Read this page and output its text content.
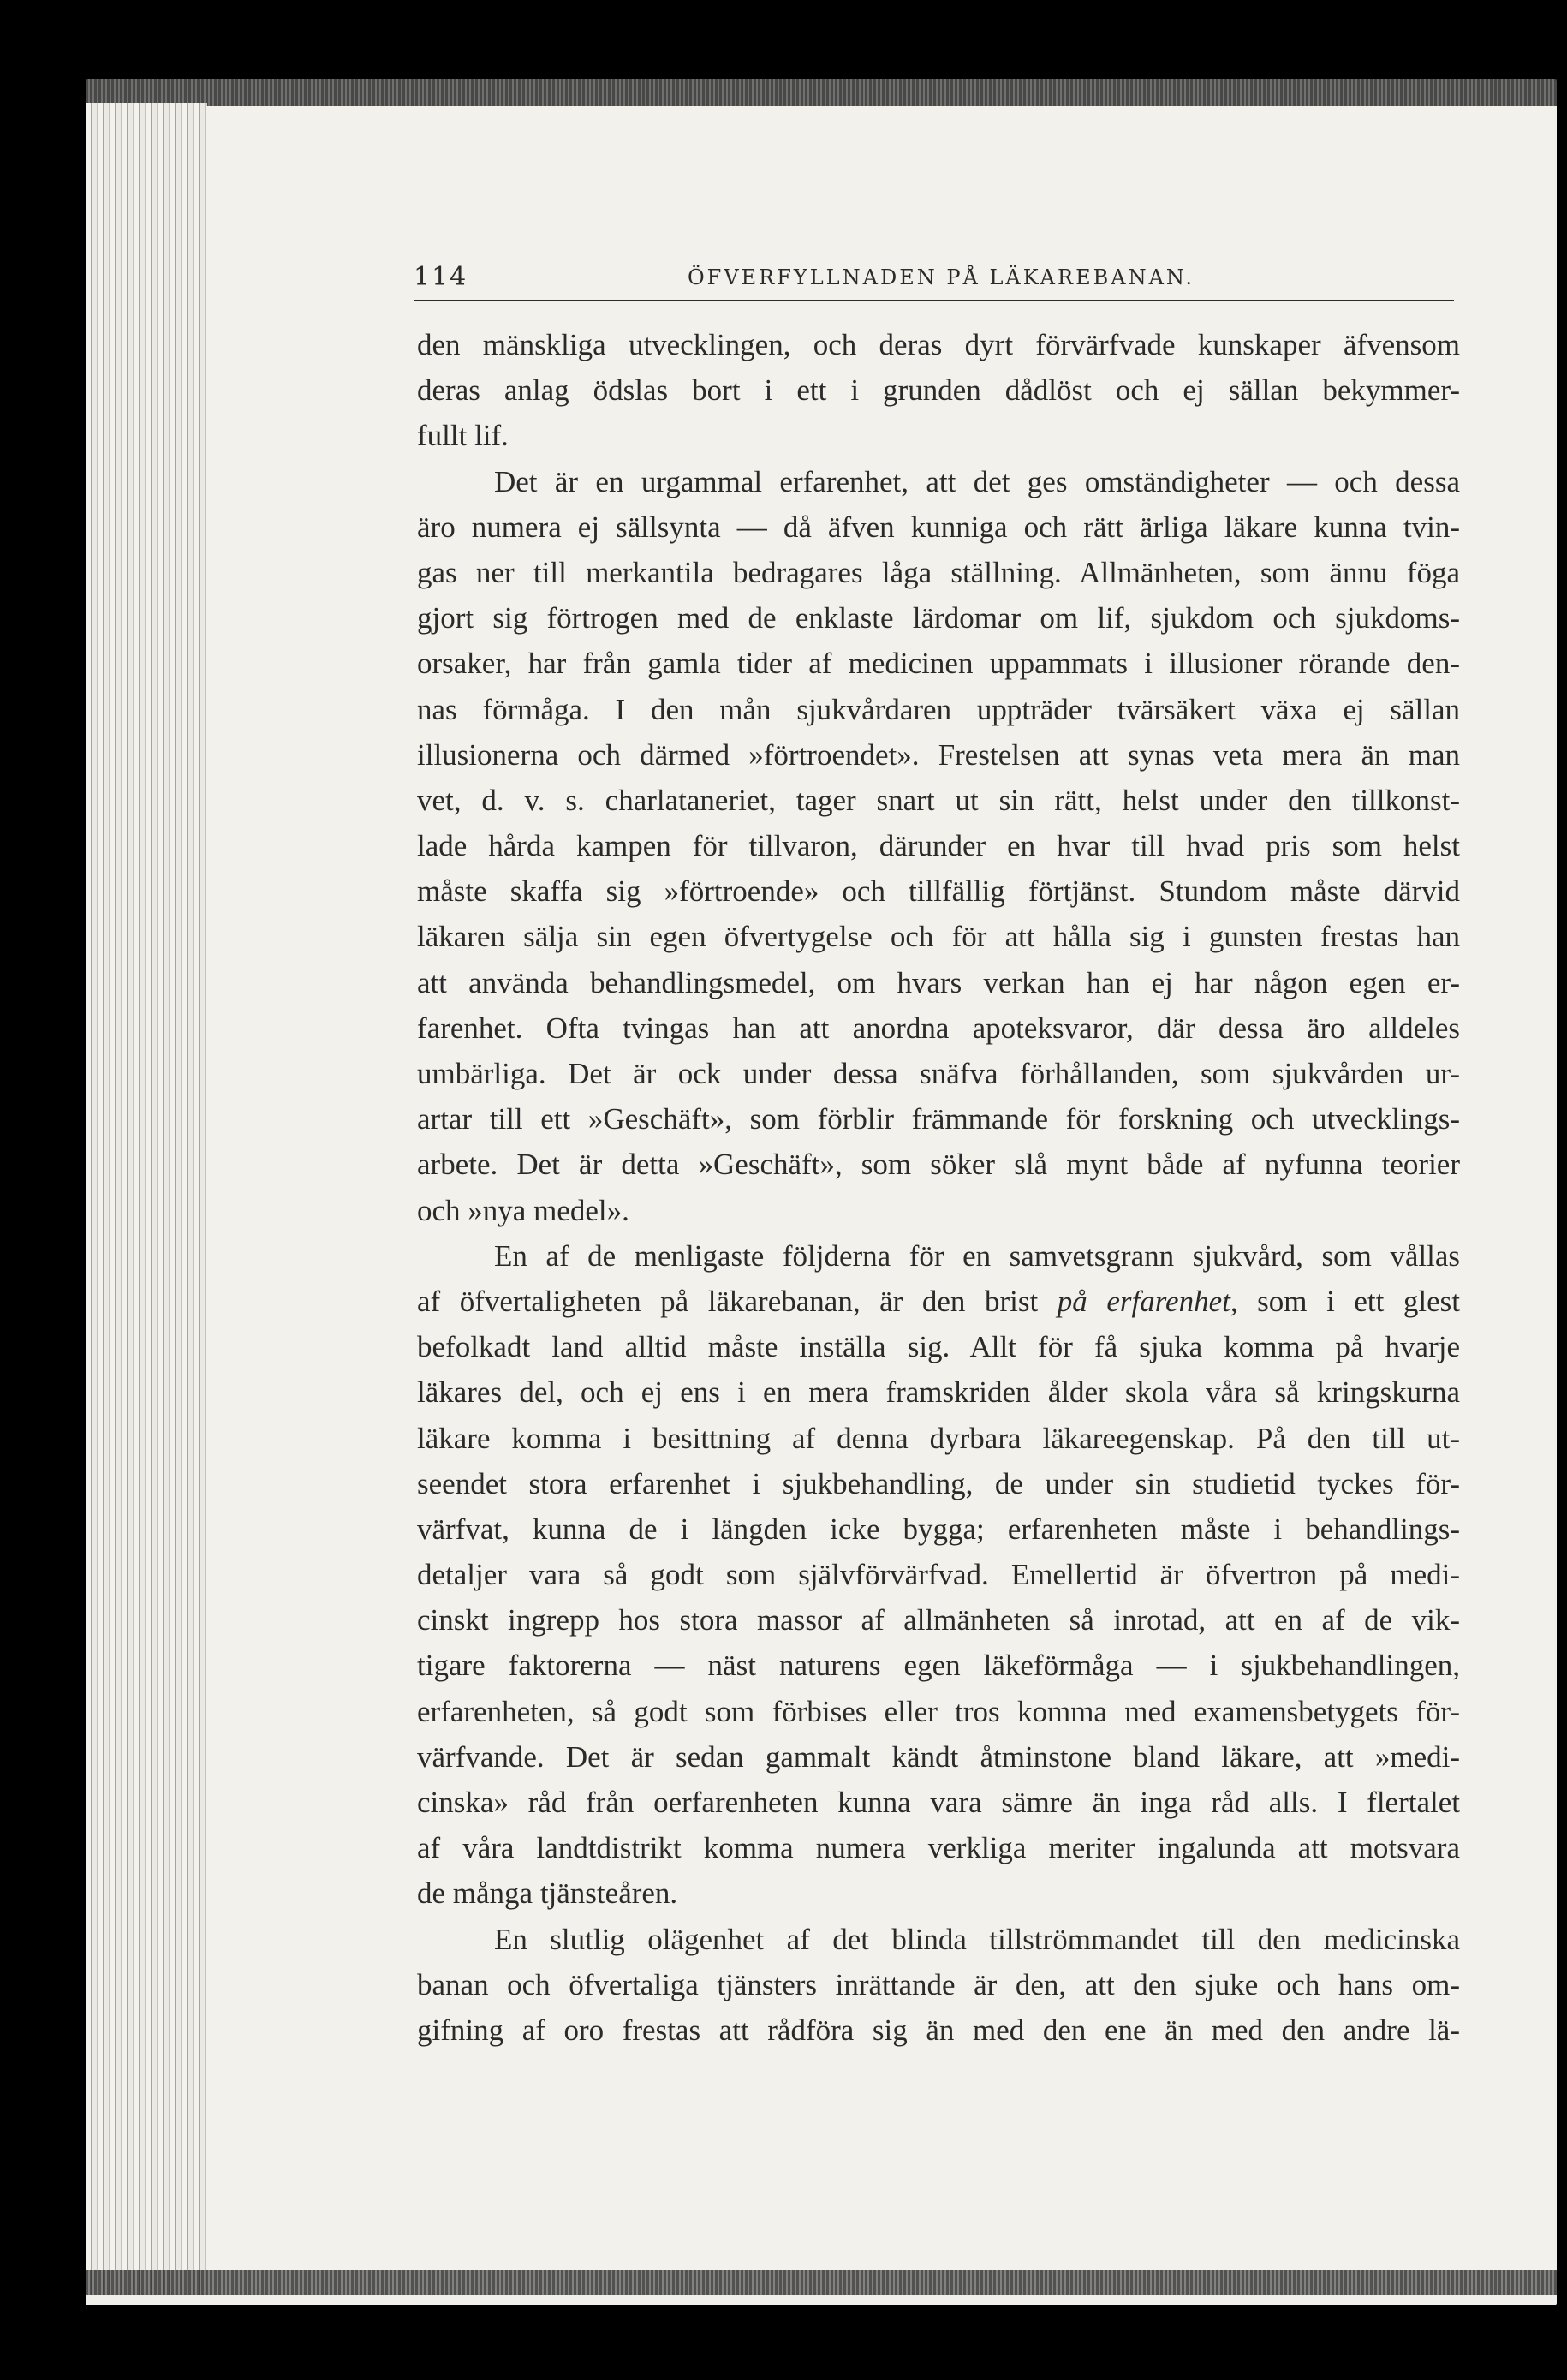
114	ÖFVERFYLLNADEN PÅ LÄKAREBANAN.
den mänskliga utvecklingen, och deras dyrt förvärfvade kunskaper äfvensom
deras anlag ödslas bort i ett i grunden dådlöst och ej sällan bekymmer-
fullt lif.
Det är en urgammal erfarenhet, att det ges omständigheter — och dessa
äro numera ej sällsynta — då äfven kunniga och rätt ärliga läkare kunna tvin-
gas ner till merkantila bedragares låga ställning. Allmänheten, som ännu föga
gjort sig förtrogen med de enklaste lärdomar om lif, sjukdom och sjukdoms-
orsaker, har från gamla tider af medicinen uppammats i illusioner rörande den-
nas förmåga. I den mån sjukvårdaren uppträder tvärsäkert växa ej sällan
illusionerna och därmed »förtroendet». Frestelsen att synas veta mera än man
vet, d. v. s. charlataneriet, tager snart ut sin rätt, helst under den tillkonst-
lade hårda kampen för tillvaron, därunder en hvar till hvad pris som helst
måste skaffa sig »förtroende» och tillfällig förtjänst. Stundom måste därvid
läkaren sälja sin egen öfvertygelse och för att hålla sig i gunsten frestas han
att använda behandlingsmedel, om hvars verkan han ej har någon egen er-
farenhet. Ofta tvingas han att anordna apoteksvaror, där dessa äro alldeles
umbärliga. Det är ock under dessa snäfva förhållanden, som sjukvården ur-
artar till ett »Geschäft», som förblir främmande för forskning och utvecklings-
arbete. Det är detta »Geschäft», som söker slå mynt både af nyfunna teorier
och »nya medel».
En af de menligaste följderna för en samvetsgrann sjukvård, som vållas
af öfvertaligheten på läkarebanan, är den brist på erfarenhet, som i ett glest
befolkadt land alltid måste inställa sig. Allt för få sjuka komma på hvarje
läkares del, och ej ens i en mera framskriden ålder skola våra så kringskurna
läkare komma i besittning af denna dyrbara läkareegenskap. På den till ut-
seendet stora erfarenhet i sjukbehandling, de under sin studietid tyckes för-
värfvat, kunna de i längden icke bygga; erfarenheten måste i behandlings-
detaljer vara så godt som självförvärfvad. Emellertid är öfvertron på medi-
cinskt ingrepp hos stora massor af allmänheten så inrotad, att en af de vik-
tigare faktorerna — näst naturens egen läkeförmåga — i sjukbehandlingen,
erfarenheten, så godt som förbises eller tros komma med examensbetygets för-
värfvande. Det är sedan gammalt kändt åtminstone bland läkare, att »medi-
cinska» råd från oerfarenheten kunna vara sämre än inga råd alls. I flertalet
af våra landtdistrikt komma numera verkliga meriter ingalunda att motsvara
de många tjänsteåren.
En slutlig olägenhet af det blinda tillströmmandet till den medicinska
banan och öfvertaliga tjänsters inrättande är den, att den sjuke och hans om-
gifning af oro frestas att rådföra sig än med den ene än med den andre lä-
